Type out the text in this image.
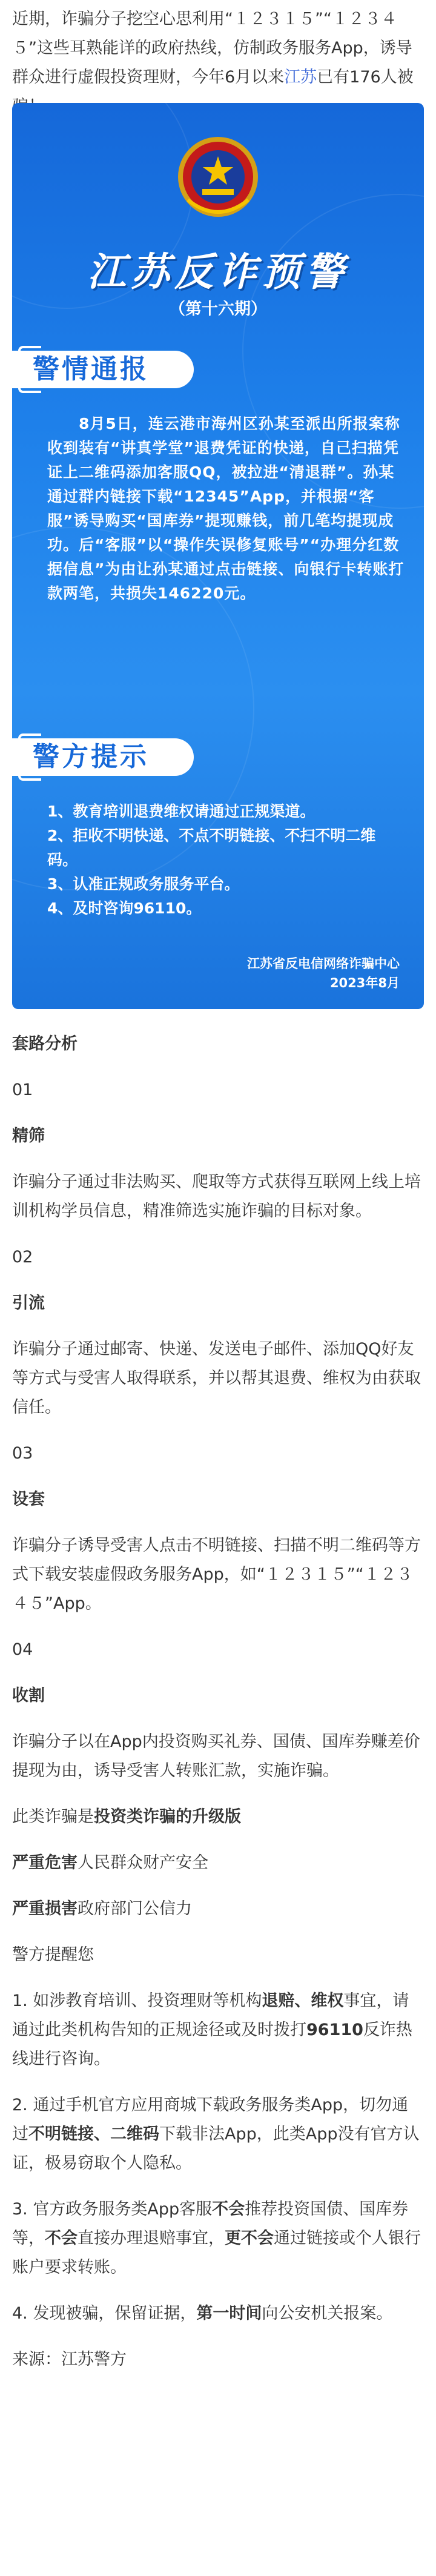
近期，诈骗分子挖空心思利用“１２３１５”“１２３４５”这些耳熟能详的政府热线，仿制政务服务App，诱导群众进行虚假投资理财，今年6月以来江苏已有176人被
江苏反诈预警
（第十六期）
警情通报
　　8月5日，连云港市海州区孙某至派出所报案称收到装有“讲真学堂”退费凭证的快递，自己扫描凭证上二维码添加客服QQ，被拉进“清退群”。孙某通过群内链接下载“12345”App，并根据“客服”诱导购买“国库券”提现赚钱，前几笔均提现成功。后“客服”以“操作失误修复账号”“办理分红数据信息”为由让孙某通过点击链接、向银行卡转账打款两笔，共损失146220元。
警方提示
1、教育培训退费维权请通过正规渠道。
2、拒收不明快递、不点不明链接、不扫不明二维码。
3、认准正规政务服务平台。
4、及时咨询96110。
江苏省反电信网络诈骗中心
2023年8月
套路分析
01
精筛
诈骗分子通过非法购买、爬取等方式获得互联网上线上培训机构学员信息，精准筛选实施诈骗的目标对象。
02
引流
诈骗分子通过邮寄、快递、发送电子邮件、添加QQ好友等方式与受害人取得联系，并以帮其退费、维权为由获取信任。
03
设套
诈骗分子诱导受害人点击不明链接、扫描不明二维码等方式下载安装虚假政务服务App，如“１２３１５”“１２３４５”App。
04
收割
诈骗分子以在App内投资购买礼券、国债、国库券赚差价提现为由，诱导受害人转账汇款，实施诈骗。
此类诈骗是投资类诈骗的升级版
严重危害人民群众财产安全
严重损害政府部门公信力
警方提醒您
1. 如涉教育培训、投资理财等机构退赔、维权事宜，请通过此类机构告知的正规途径或及时拨打96110反诈热线进行咨询。
2. 通过手机官方应用商城下载政务服务类App，切勿通过不明链接、二维码下载非法App，此类App没有官方认证，极易窃取个人隐私。
3. 官方政务服务类App客服不会推荐投资国债、国库券等，不会直接办理退赔事宜，更不会通过链接或个人银行账户要求转账。
4. 发现被骗，保留证据，第一时间向公安机关报案。
来源：江苏警方
